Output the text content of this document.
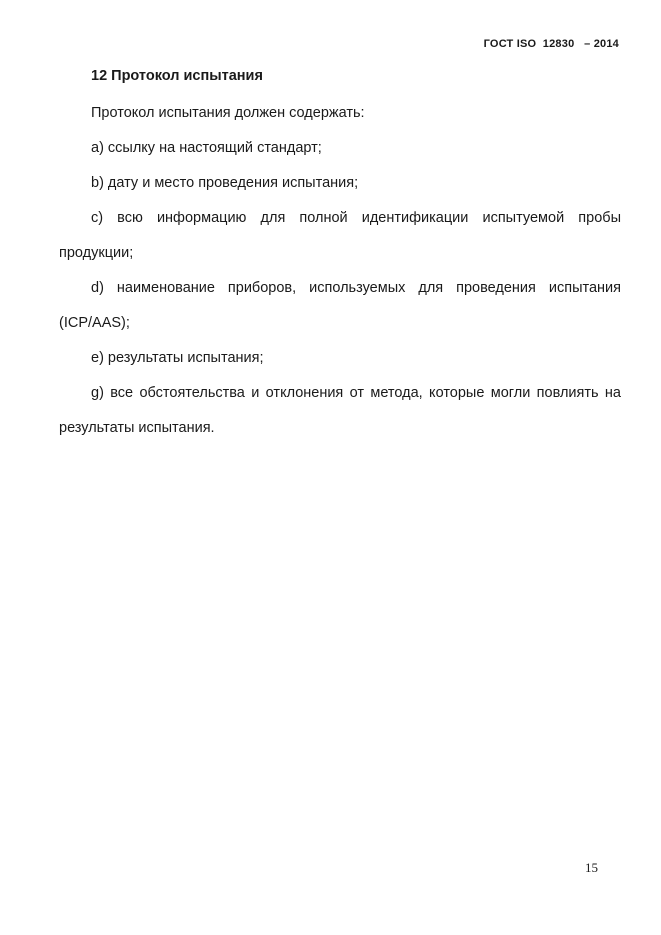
ГОСТ ISO  12830   – 2014
12 Протокол испытания

Протокол испытания должен содержать:

a) ссылку на настоящий стандарт;

b) дату и место проведения испытания;

c) всю информацию для полной идентификации испытуемой пробы продукции;

d) наименование приборов, используемых для проведения испытания (ICP/AAS);

e) результаты испытания;

g) все обстоятельства и отклонения от метода, которые могли повлиять на результаты испытания.

15
